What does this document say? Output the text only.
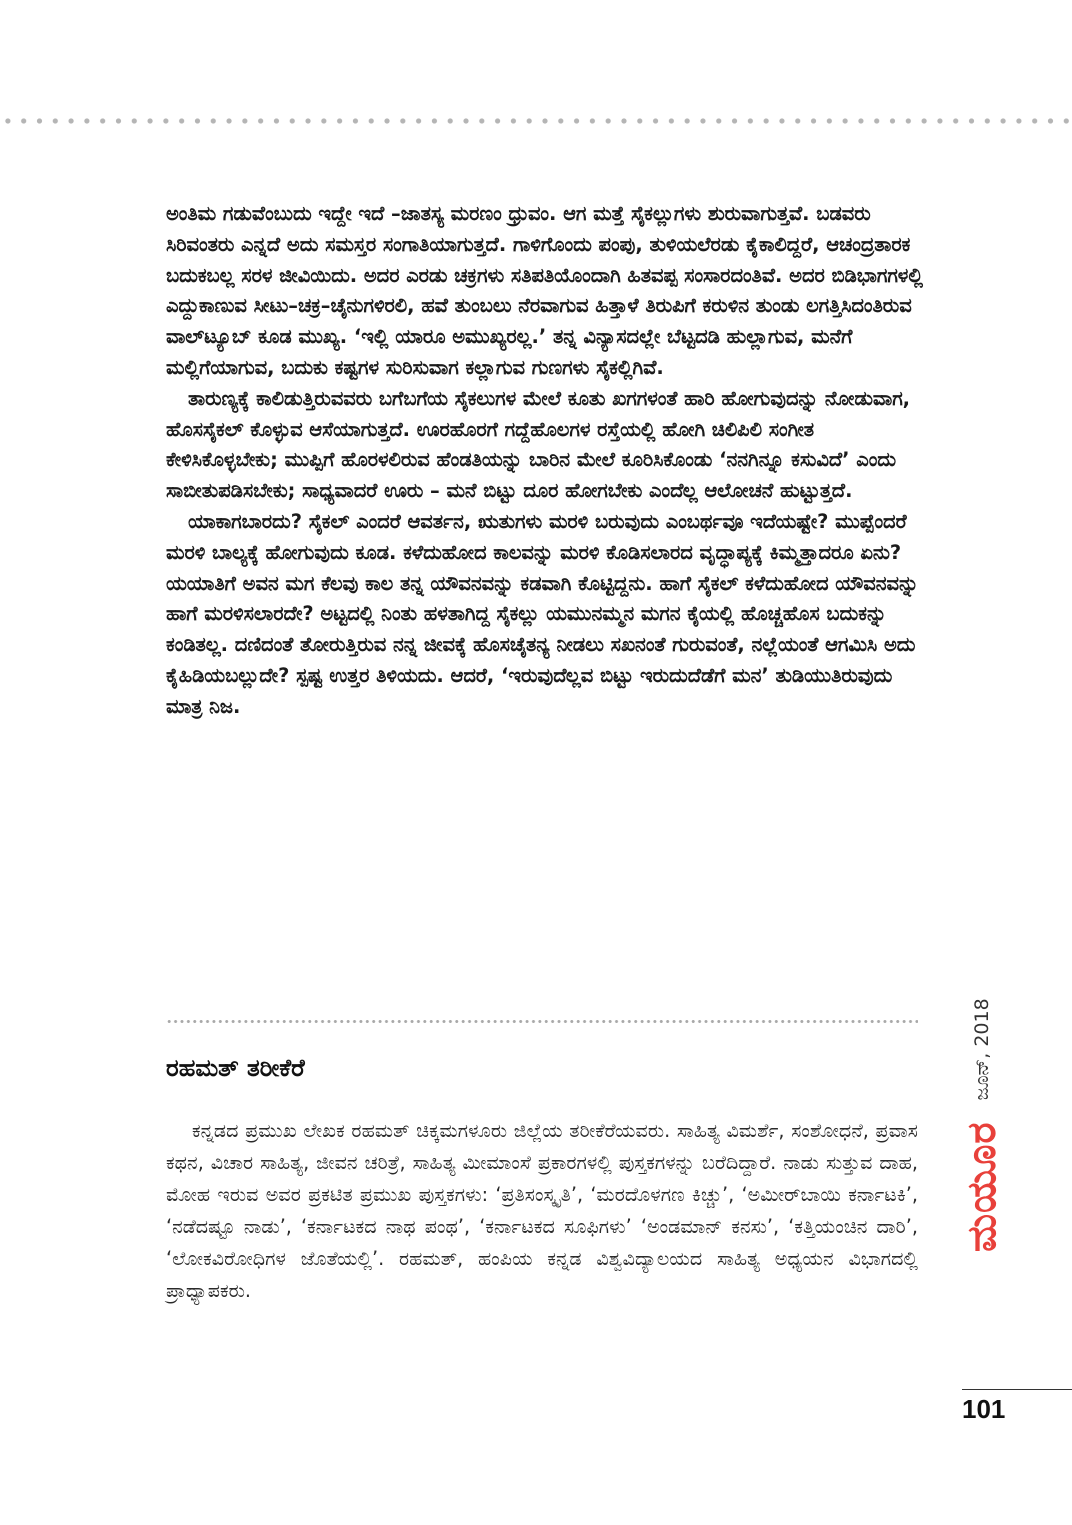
ಅಂತಿಮ ಗಡುವೆಂಬುದು ಇದ್ದೇ ಇದೆ –ಜಾತಸ್ಯ ಮರಣಂ ಧ್ರುವಂ. ಆಗ ಮತ್ತೆ ಸೈಕಲ್ಲುಗಳು ಶುರುವಾಗುತ್ತವೆ. ಬಡವರು ಸಿರಿವಂತರು ಎನ್ನದೆ ಅದು ಸಮಸ್ತರ ಸಂಗಾತಿಯಾಗುತ್ತದೆ. ಗಾಳಿಗೊಂದು ಪಂಪು, ತುಳಿಯಲೆರಡು ಕೈಕಾಲಿದ್ದರೆ, ಆಚಂದ್ರತಾರಕ ಬದುಕಬಲ್ಲ ಸರಳ ಜೀವಿಯಿದು. ಅದರ ಎರಡು ಚಕ್ರಗಳು ಸತಿಪತಿಯೊಂದಾಗಿ ಹಿತವಪ್ಪ ಸಂಸಾರದಂತಿವೆ. ಅದರ ಬಿಡಿಭಾಗಗಳಲ್ಲಿ ಎದ್ದುಕಾಣುವ ಸೀಟು–ಚಕ್ರ–ಚೈನುಗಳಿರಲಿ, ಹವೆ ತುಂಬಲು ನೆರವಾಗುವ ಹಿತ್ತಾಳೆ ತಿರುಪಿಗೆ ಕರುಳಿನ ತುಂಡು ಲಗತ್ತಿಸಿದಂತಿರುವ ವಾಲ್‌ಟ್ಯೂಬ್ ಕೂಡ ಮುಖ್ಯ. ‘ಇಲ್ಲಿ ಯಾರೂ ಅಮುಖ್ಯರಲ್ಲ.’ ತನ್ನ ವಿನ್ಯಾಸದಲ್ಲೇ ಬೆಟ್ಟದಡಿ ಹುಲ್ಲಾಗುವ, ಮನೆಗೆ ಮಲ್ಲಿಗೆಯಾಗುವ, ಬದುಕು ಕಷ್ಟಗಳ ಸುರಿಸುವಾಗ ಕಲ್ಲಾಗುವ ಗುಣಗಳು ಸೈಕಲ್ಲಿಗಿವೆ.

ತಾರುಣ್ಯಕ್ಕೆ ಕಾಲಿಡುತ್ತಿರುವವರು ಬಗೆಬಗೆಯ ಸೈಕಲುಗಳ ಮೇಲೆ ಕೂತು ಖಗಗಳಂತೆ ಹಾರಿ ಹೋಗುವುದನ್ನು ನೋಡುವಾಗ, ಹೊಸಸೈಕಲ್ ಕೊಳ್ಳುವ ಆಸೆಯಾಗುತ್ತದೆ. ಊರಹೊರಗೆ ಗದ್ದೆಹೊಲಗಳ ರಸ್ತೆಯಲ್ಲಿ ಹೋಗಿ ಚಿಲಿಪಿಲಿ ಸಂಗೀತ ಕೇಳಿಸಿಕೊಳ್ಳಬೇಕು; ಮುಪ್ಪಿಗೆ ಹೊರಳಲಿರುವ ಹೆಂಡತಿಯನ್ನು ಬಾರಿನ ಮೇಲೆ ಕೂರಿಸಿಕೊಂಡು ‘ನನಗಿನ್ನೂ ಕಸುವಿದೆ’ ಎಂದು ಸಾಬೀತುಪಡಿಸಬೇಕು; ಸಾಧ್ಯವಾದರೆ ಊರು – ಮನೆ ಬಿಟ್ಟು ದೂರ ಹೋಗಬೇಕು ಎಂದೆಲ್ಲ ಆಲೋಚನೆ ಹುಟ್ಟುತ್ತದೆ.

ಯಾಕಾಗಬಾರದು? ಸೈಕಲ್ ಎಂದರೆ ಆವರ್ತನ, ಋತುಗಳು ಮರಳಿ ಬರುವುದು ಎಂಬರ್ಥವೂ ಇದೆಯಷ್ಟೇ? ಮುಪ್ಪೆಂದರೆ ಮರಳಿ ಬಾಲ್ಯಕ್ಕೆ ಹೋಗುವುದು ಕೂಡ. ಕಳೆದುಹೋದ ಕಾಲವನ್ನು ಮರಳಿ ಕೊಡಿಸಲಾರದ ವೃದ್ಧಾಪ್ಯಕ್ಕೆ ಕಿಮ್ಮತ್ತಾದರೂ ಏನು? ಯಯಾತಿಗೆ ಅವನ ಮಗ ಕೆಲವು ಕಾಲ ತನ್ನ ಯೌವನವನ್ನು ಕಡವಾಗಿ ಕೊಟ್ಟಿದ್ದನು. ಹಾಗೆ ಸೈಕಲ್ ಕಳೆದುಹೋದ ಯೌವನವನ್ನು ಹಾಗೆ ಮರಳಿಸಲಾರದೇ? ಅಟ್ಟದಲ್ಲಿ ನಿಂತು ಹಳತಾಗಿದ್ದ ಸೈಕಲ್ಲು ಯಮುನಮ್ಮನ ಮಗನ ಕೈಯಲ್ಲಿ ಹೊಚ್ಚಹೊಸ ಬದುಕನ್ನು ಕಂಡಿತಲ್ಲ. ದಣಿದಂತೆ ತೋರುತ್ತಿರುವ ನನ್ನ ಜೀವಕ್ಕೆ ಹೊಸಚೈತನ್ಯ ನೀಡಲು ಸಖನಂತೆ ಗುರುವಂತೆ, ನಲ್ಲೆಯಂತೆ ಆಗಮಿಸಿ ಅದು ಕೈಹಿಡಿಯಬಲ್ಲುದೇ? ಸ್ಪಷ್ಟ ಉತ್ತರ ತಿಳಿಯದು. ಆದರೆ, ‘ಇರುವುದೆಲ್ಲವ ಬಿಟ್ಟು ಇರುದುದೆಡೆಗೆ ಮನ’ ತುಡಿಯುತಿರುವುದು ಮಾತ್ರ ನಿಜ.

ರಹಮತ್ ತರೀಕೆರೆ

ಕನ್ನಡದ ಪ್ರಮುಖ ಲೇಖಕ ರಹಮತ್ ಚಿಕ್ಕಮಗಳೂರು ಜಿಲ್ಲೆಯ ತರೀಕೆರೆಯವರು. ಸಾಹಿತ್ಯ ವಿಮರ್ಶೆ, ಸಂಶೋಧನೆ, ಪ್ರವಾಸ ಕಥನ, ವಿಚಾರ ಸಾಹಿತ್ಯ, ಜೀವನ ಚರಿತ್ರೆ, ಸಾಹಿತ್ಯ ಮೀಮಾಂಸೆ ಪ್ರಕಾರಗಳಲ್ಲಿ ಪುಸ್ತಕಗಳನ್ನು ಬರೆದಿದ್ದಾರೆ. ನಾಡು ಸುತ್ತುವ ದಾಹ, ಮೋಹ ಇರುವ ಅವರ ಪ್ರಕಟಿತ ಪ್ರಮುಖ ಪುಸ್ತಕಗಳು: ‘ಪ್ರತಿಸಂಸ್ಕೃತಿ’, ‘ಮರದೊಳಗಣ ಕಿಚ್ಚು’, ‘ಅಮೀರ್‌ಬಾಯಿ ಕರ್ನಾಟಕಿ’, ‘ನಡೆದಷ್ಟೂ ನಾಡು’, ‘ಕರ್ನಾಟಕದ ನಾಥ ಪಂಥ’, ‘ಕರ್ನಾಟಕದ ಸೂಫಿಗಳು’ ‘ಅಂಡಮಾನ್ ಕನಸು’, ‘ಕತ್ತಿಯಂಚಿನ ದಾರಿ’, ‘ಲೋಕವಿರೋಧಿಗಳ ಜೊತೆಯಲ್ಲಿ’. ರಹಮತ್, ಹಂಪಿಯ ಕನ್ನಡ ವಿಶ್ವವಿದ್ಯಾಲಯದ ಸಾಹಿತ್ಯ ಅಧ್ಯಯನ ವಿಭಾಗದಲ್ಲಿ ಪ್ರಾಧ್ಯಾಪಕರು.

ಮಯೂರ ಜೂನ್, 2018

101
